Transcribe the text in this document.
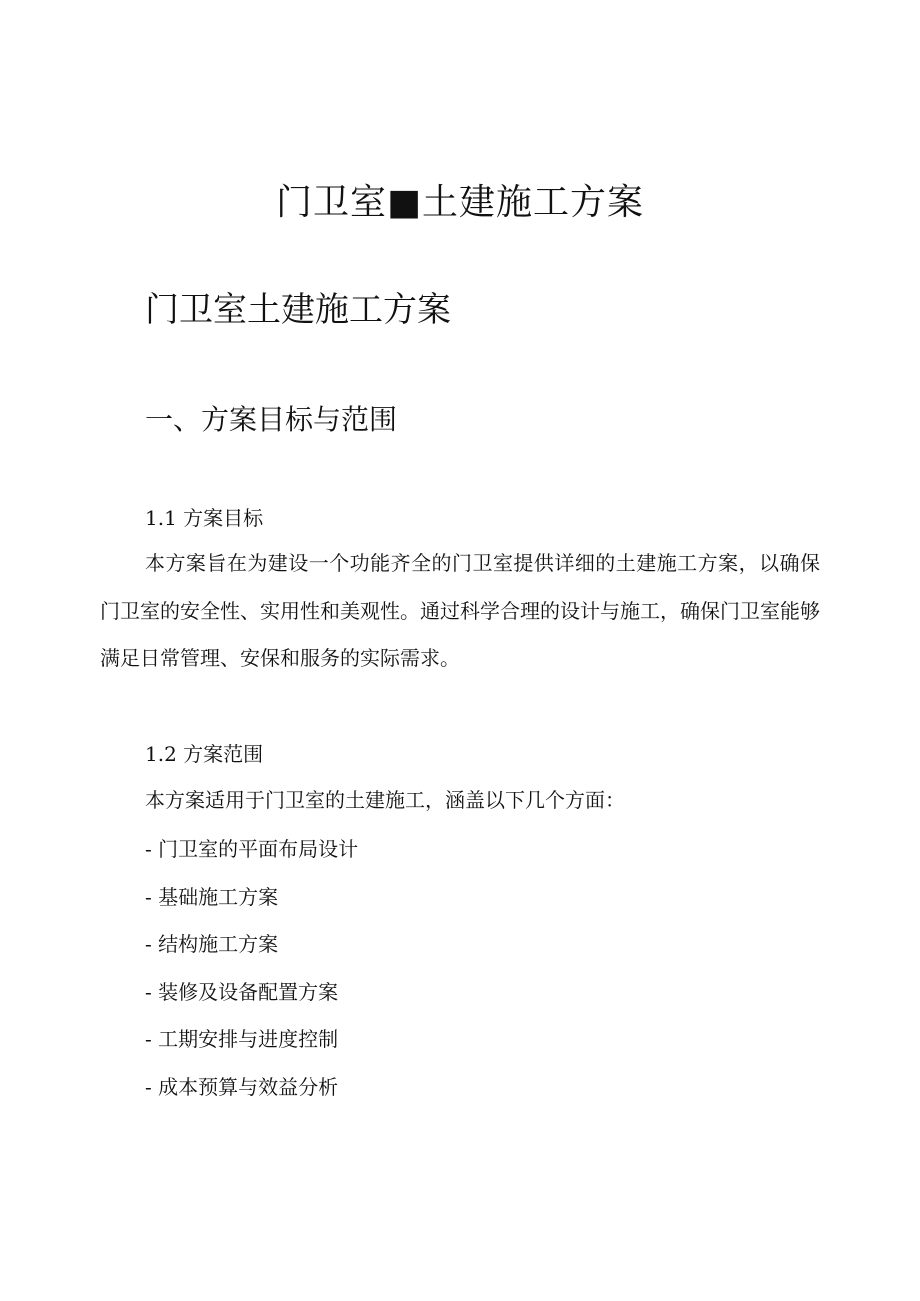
门卫室■土建施工方案
门卫室土建施工方案
一、方案目标与范围
1.1 方案目标
本方案旨在为建设一个功能齐全的门卫室提供详细的土建施工方案，以确保门卫室的安全性、实用性和美观性。通过科学合理的设计与施工，确保门卫室能够满足日常管理、安保和服务的实际需求。
1.2 方案范围
本方案适用于门卫室的土建施工，涵盖以下几个方面：
- 门卫室的平面布局设计
- 基础施工方案
- 结构施工方案
- 装修及设备配置方案
- 工期安排与进度控制
- 成本预算与效益分析
